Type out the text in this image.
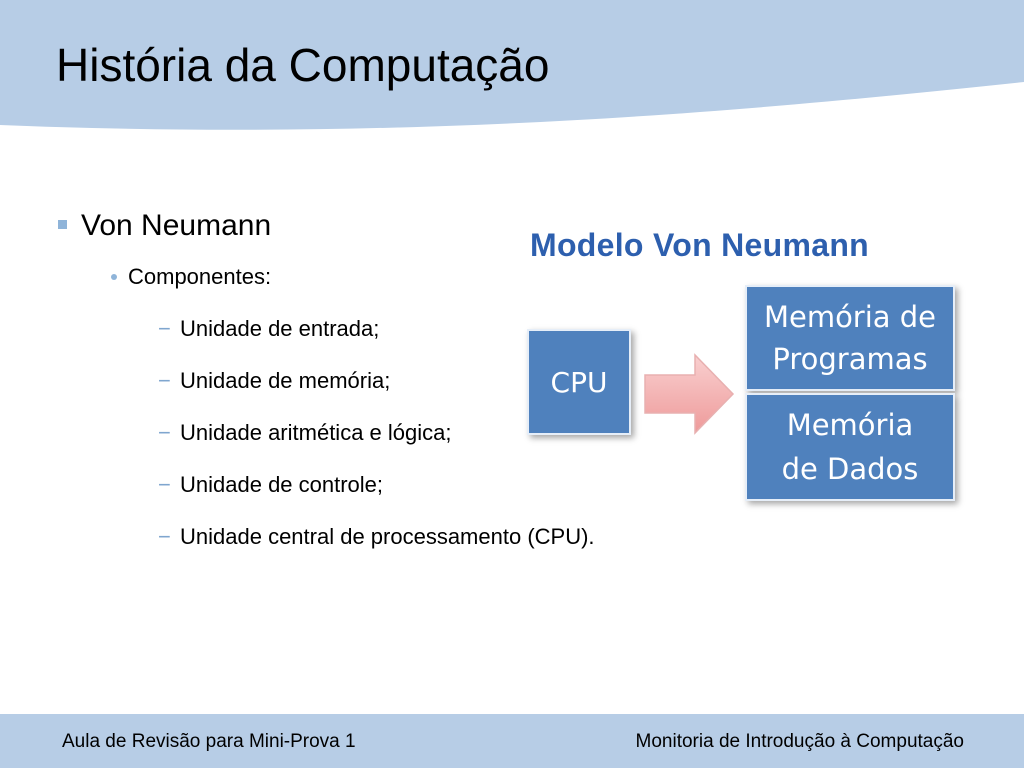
História da Computação
Von Neumann
Componentes:
− Unidade de entrada;
− Unidade de memória;
− Unidade aritmética e lógica;
− Unidade de controle;
− Unidade central de processamento (CPU).
Modelo Von Neumann
CPU
Memória de
Programas
Memória
de Dados
Aula de Revisão para Mini-Prova 1	Monitoria de Introdução à Computação
